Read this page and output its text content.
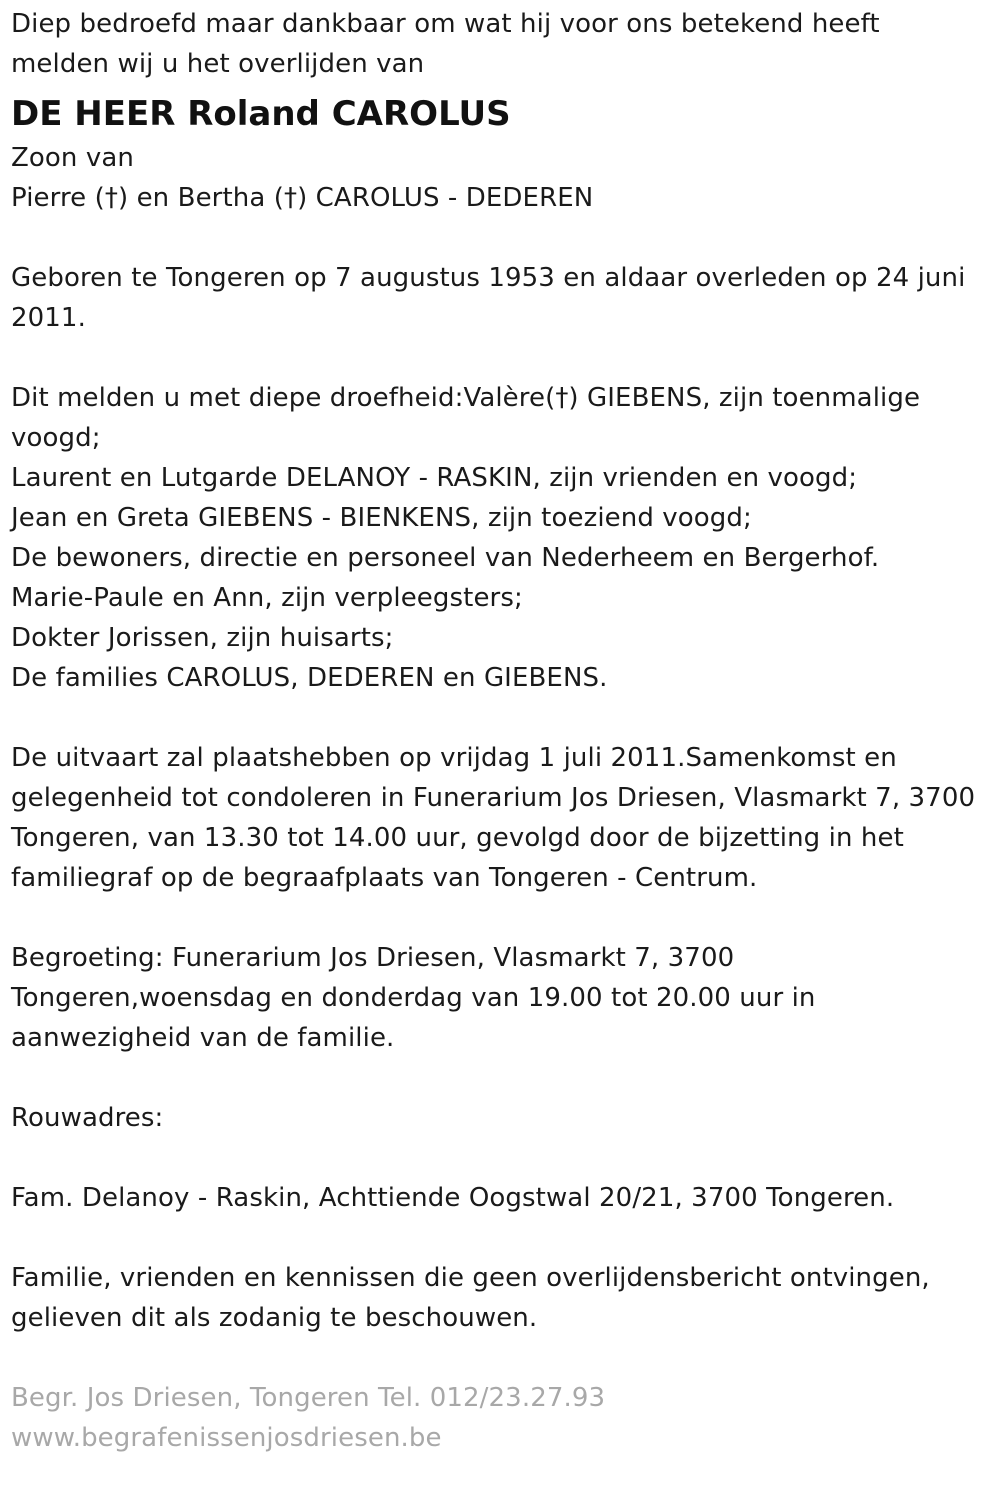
Diep bedroefd maar dankbaar om wat hij voor ons betekend heeft
melden wij u het overlijden van
DE HEER Roland CAROLUS
Zoon van
Pierre (†) en Bertha (†) CAROLUS - DEDEREN
Geboren te Tongeren op 7 augustus 1953 en aldaar overleden op 24 juni
2011.
Dit melden u met diepe droefheid:Valère(†) GIEBENS, zijn toenmalige
voogd;
Laurent en Lutgarde DELANOY - RASKIN, zijn vrienden en voogd;
Jean en Greta GIEBENS - BIENKENS, zijn toeziend voogd;
De bewoners, directie en personeel van Nederheem en Bergerhof.
Marie-Paule en Ann, zijn verpleegsters;
Dokter Jorissen, zijn huisarts;
De families CAROLUS, DEDEREN en GIEBENS.
De uitvaart zal plaatshebben op vrijdag 1 juli 2011.Samenkomst en
gelegenheid tot condoleren in Funerarium Jos Driesen, Vlasmarkt 7, 3700
Tongeren, van 13.30 tot 14.00 uur, gevolgd door de bijzetting in het
familiegraf op de begraafplaats van Tongeren - Centrum.
Begroeting: Funerarium Jos Driesen, Vlasmarkt 7, 3700
Tongeren,woensdag en donderdag van 19.00 tot 20.00 uur in
aanwezigheid van de familie.
Rouwadres:
Fam. Delanoy - Raskin, Achttiende Oogstwal 20/21, 3700 Tongeren.
Familie, vrienden en kennissen die geen overlijdensbericht ontvingen,
gelieven dit als zodanig te beschouwen.
Begr. Jos Driesen, Tongeren Tel. 012/23.27.93
www.begrafenissenjosdriesen.be
